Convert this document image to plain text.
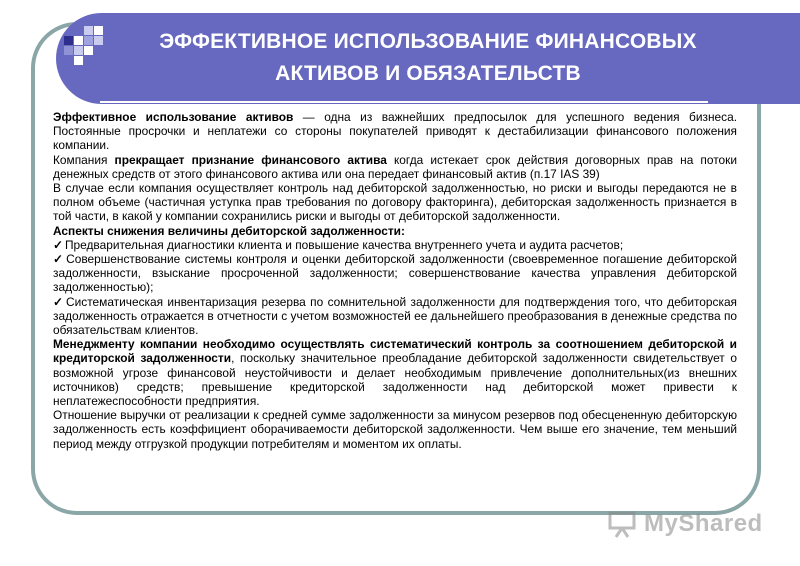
ЭФФЕКТИВНОЕ ИСПОЛЬЗОВАНИЕ ФИНАНСОВЫХ
АКТИВОВ И ОБЯЗАТЕЛЬСТВ

Эффективное использование активов — одна из важнейших предпосылок для успешного ведения бизнеса. Постоянные просрочки и неплатежи со стороны покупателей приводят к дестабилизации финансового положения компании.

Компания прекращает признание финансового актива когда истекает срок действия договорных прав на потоки денежных средств от этого финансового актива или она передает финансовый актив (п.17 IAS 39)

В случае если компания осуществляет контроль над дебиторской задолженностью, но риски и выгоды передаются не в полном объеме (частичная уступка прав требования по договору факторинга), дебиторская задолженность признается в той части, в какой у компании сохранились риски и выгоды от дебиторской задолженности.

Аспекты снижения величины дебиторской задолженности:

✓ Предварительная диагностики клиента и повышение качества внутреннего учета и аудита расчетов;

✓ Совершенствование системы контроля и оценки дебиторской задолженности (своевременное погашение дебиторской задолженности, взыскание просроченной задолженности; совершенствование качества управления дебиторской задолженностью);

✓ Систематическая инвентаризация резерва по сомнительной задолженности для подтверждения того, что дебиторская задолженность отражается в отчетности с учетом возможностей ее дальнейшего преобразования в денежные средства по обязательствам клиентов.

Менеджменту компании необходимо осуществлять систематический контроль за соотношением дебиторской и кредиторской задолженности, поскольку значительное преобладание дебиторской задолженности свидетельствует о возможной угрозе финансовой неустойчивости и делает необходимым привлечение дополнительных(из внешних источников) средств; превышение кредиторской задолженности над дебиторской может привести к неплатежеспособности предприятия.

Отношение выручки от реализации к средней сумме задолженности за минусом резервов под обесцененную дебиторскую задолженность есть коэффициент оборачиваемости дебиторской задолженности. Чем выше его значение, тем меньший период между отгрузкой продукции потребителям и моментом их оплаты.

MyShared
